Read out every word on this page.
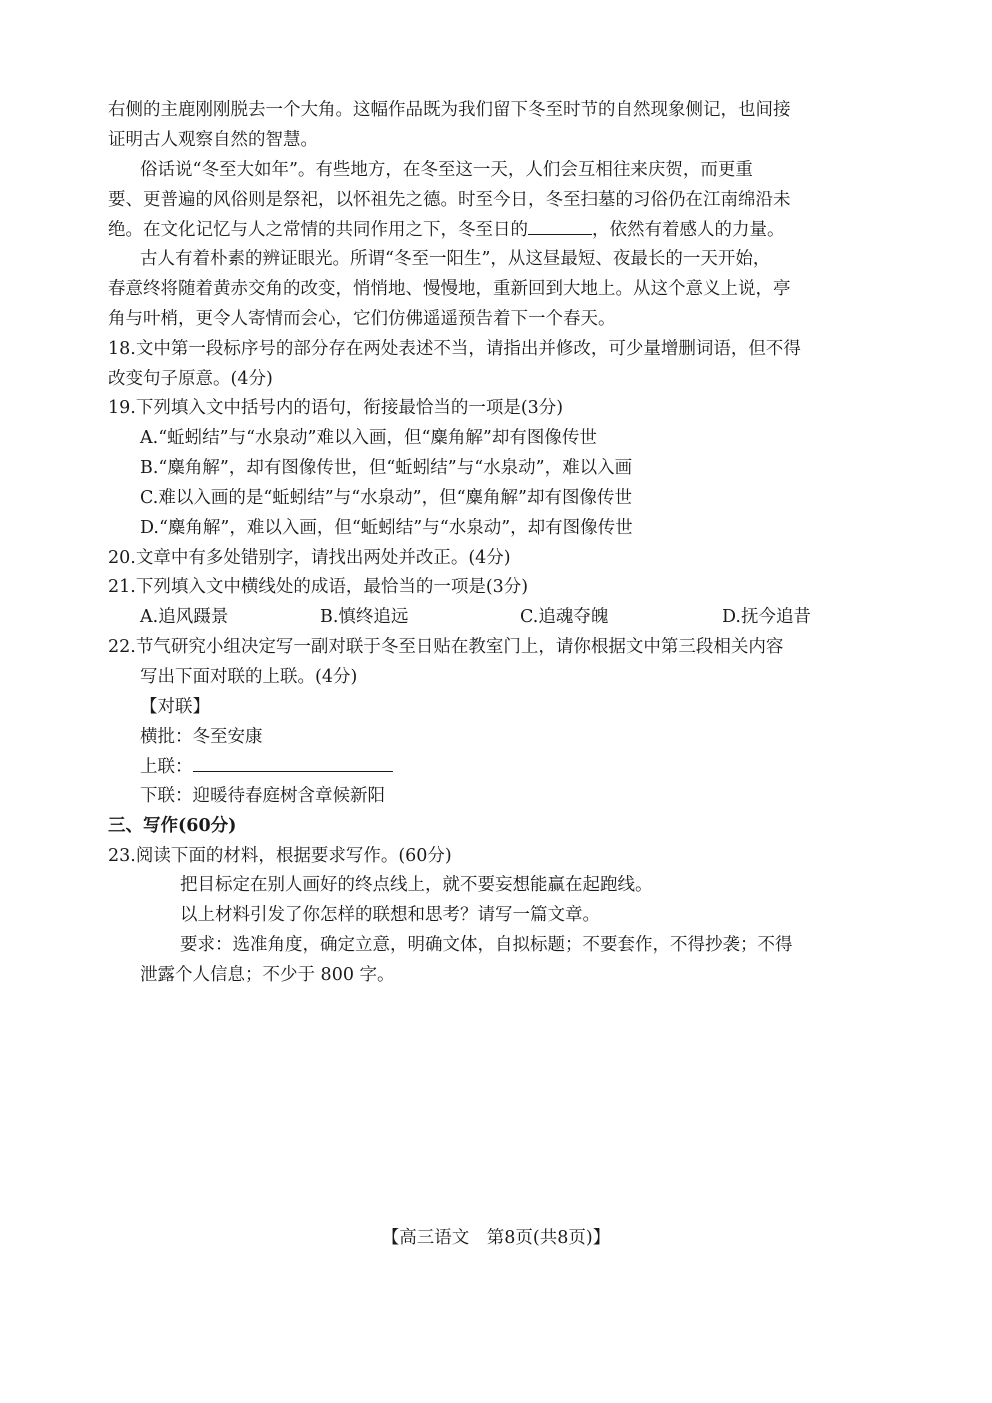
右侧的主鹿刚刚脱去一个大角。这幅作品既为我们留下冬至时节的自然现象侧记，也间接
证明古人观察自然的智慧。
俗话说“冬至大如年”。有些地方，在冬至这一天，人们会互相往来庆贺，而更重
要、更普遍的风俗则是祭祀，以怀祖先之德。时至今日，冬至扫墓的习俗仍在江南绵沿未
绝。在文化记忆与人之常情的共同作用之下，冬至日的	，依然有着感人的力量。
古人有着朴素的辨证眼光。所谓“冬至一阳生”，从这昼最短、夜最长的一天开始，
春意终将随着黄赤交角的改变，悄悄地、慢慢地，重新回到大地上。从这个意义上说，亭
角与叶梢，更令人寄情而会心，它们仿佛遥遥预告着下一个春天。
18.文中第一段标序号的部分存在两处表述不当，请指出并修改，可少量增删词语，但不得
改变句子原意。(4分)
19.下列填入文中括号内的语句，衔接最恰当的一项是(3分)
A.“蚯蚓结”与“水泉动”难以入画，但“麋角解”却有图像传世
B.“麋角解”，却有图像传世，但“蚯蚓结”与“水泉动”，难以入画
C.难以入画的是“蚯蚓结”与“水泉动”，但“麋角解”却有图像传世
D.“麋角解”，难以入画，但“蚯蚓结”与“水泉动”，却有图像传世
20.文章中有多处错别字，请找出两处并改正。(4分)
21.下列填入文中横线处的成语，最恰当的一项是(3分)
A.追风蹑景	B.慎终追远	C.追魂夺魄	D.抚今追昔
22.节气研究小组决定写一副对联于冬至日贴在教室门上，请你根据文中第三段相关内容
写出下面对联的上联。(4分)
【对联】
横批：冬至安康
上联：
下联：迎暖待春庭树含章候新阳
三、写作(60分)
23.阅读下面的材料，根据要求写作。(60分)
把目标定在别人画好的终点线上，就不要妄想能赢在起跑线。
以上材料引发了你怎样的联想和思考？请写一篇文章。
要求：选准角度，确定立意，明确文体，自拟标题；不要套作，不得抄袭；不得
泄露个人信息；不少于 800 字。
【高三语文　第8页(共8页)】
